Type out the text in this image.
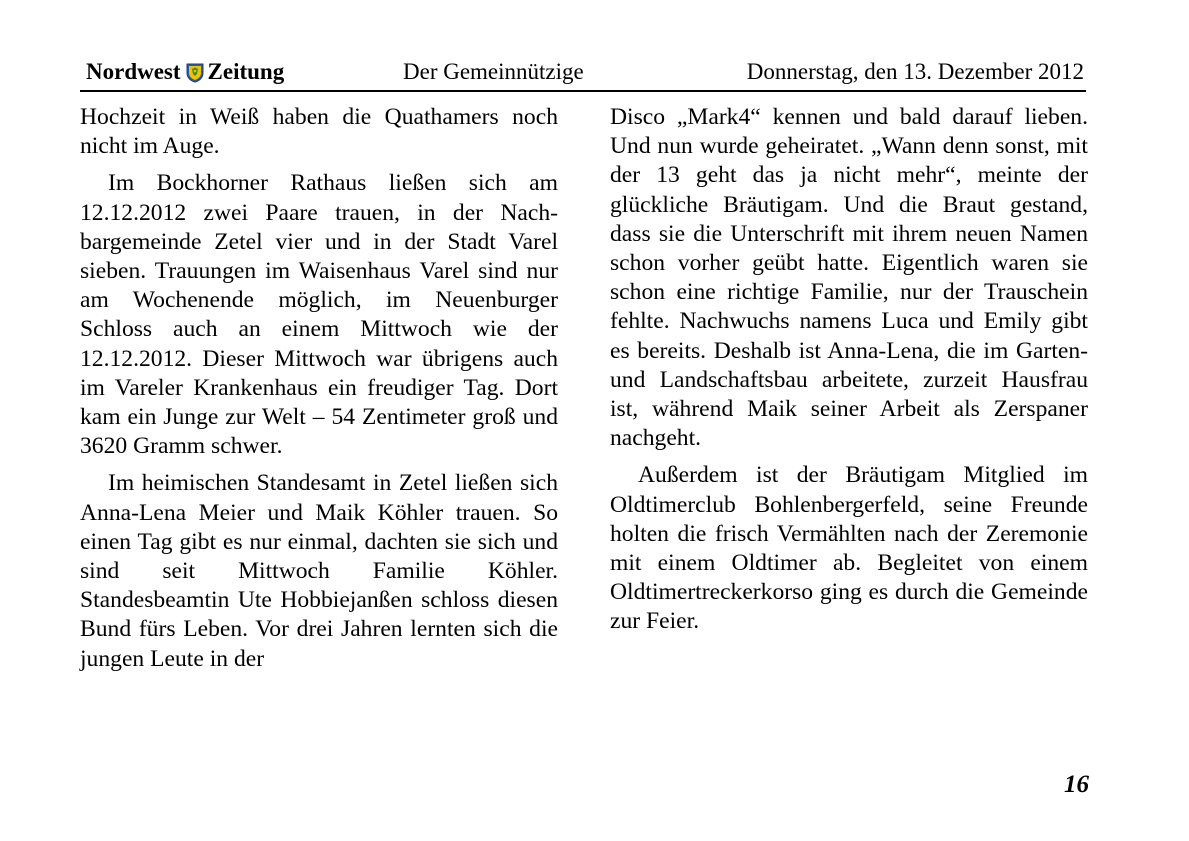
Nordwest Zeitung	Der Gemeinnützige	Donnerstag, den 13. Dezember 2012

Hochzeit in Weiß haben die Quathamers noch nicht im Auge.

Im Bockhorner Rathaus ließen sich am 12.12.2012 zwei Paare trauen, in der Nachbargemeinde Zetel vier und in der Stadt Varel sieben. Trauungen im Waisenhaus Varel sind nur am Wochenende möglich, im Neuenburger Schloss auch an einem Mittwoch wie der 12.12.2012. Dieser Mittwoch war übrigens auch im Vareler Krankenhaus ein freudiger Tag. Dort kam ein Junge zur Welt – 54 Zentimeter groß und 3620 Gramm schwer.

Im heimischen Standesamt in Zetel ließen sich Anna-Lena Meier und Maik Köhler trauen. So einen Tag gibt es nur einmal, dachten sie sich und sind seit Mittwoch Familie Köhler. Standesbeamtin Ute Hobbiejanßen schloss diesen Bund fürs Leben. Vor drei Jahren lernten sich die jungen Leute in der

Disco „Mark4“ kennen und bald darauf lieben. Und nun wurde geheiratet. „Wann denn sonst, mit der 13 geht das ja nicht mehr“, meinte der glückliche Bräutigam. Und die Braut gestand, dass sie die Unterschrift mit ihrem neuen Namen schon vorher geübt hatte. Eigentlich waren sie schon eine richtige Familie, nur der Trauschein fehlte. Nachwuchs namens Luca und Emily gibt es bereits. Deshalb ist Anna-Lena, die im Garten- und Landschaftsbau arbeitete, zurzeit Hausfrau ist, während Maik seiner Arbeit als Zerspaner nachgeht.

Außerdem ist der Bräutigam Mitglied im Oldtimerclub Bohlenbergerfeld, seine Freunde holten die frisch Vermählten nach der Zeremonie mit einem Oldtimer ab. Begleitet von einem Oldtimertreckerkorso ging es durch die Gemeinde zur Feier.

16
